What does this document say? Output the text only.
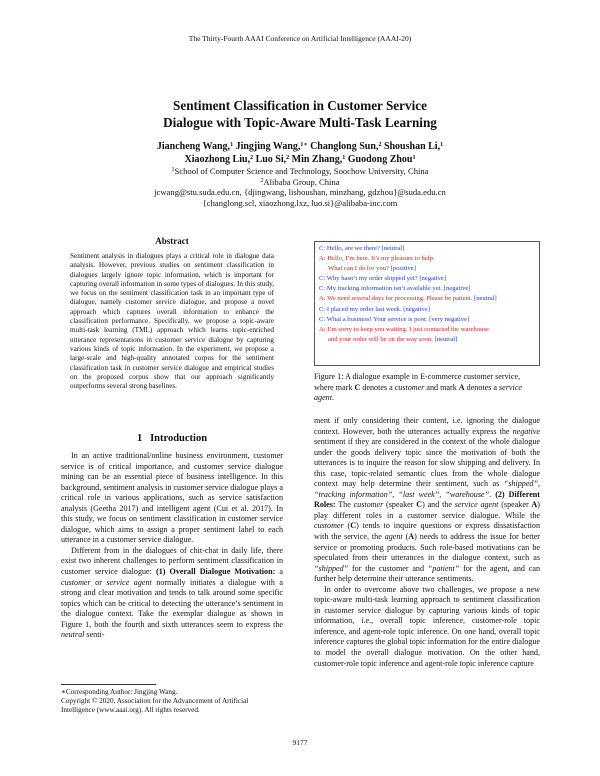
The Thirty-Fourth AAAI Conference on Artificial Intelligence (AAAI-20)
Sentiment Classification in Customer Service
Dialogue with Topic-Aware Multi-Task Learning
Jiancheng Wang,$^1$ Jingjing Wang,$^{1∗}$ Changlong Sun,$^2$ Shoushan Li,$^1$
Xiaozhong Liu,$^2$ Luo Si,$^2$ Min Zhang,$^1$ Guodong Zhou$^1$
$^1$School of Computer Science and Technology, Soochow University, China
$^2$Alibaba Group, China
jcwang@stu.suda.edu.cn, {djingwang, lishoushan, minzhang, gdzhou}@suda.edu.cn
{changlong.scl, xiaozhong.lxz, luo.si}@alibaba-inc.com
Abstract
Sentiment analysis in dialogues plays a critical role in dialogue data analysis. However, previous studies on sentiment classification in dialogues largely ignore topic information, which is important for capturing overall information in some types of dialogues. In this study, we focus on the sentiment classification task in an important type of dialogue, namely customer service dialogue, and propose a novel approach which captures overall information to enhance the classification performance. Specifically, we propose a topic-aware multi-task learning (TML) approach which learns topic-enriched utterance representations in customer service dialogue by capturing various kinds of topic information. In the experiment, we propose a large-scale and high-quality annotated corpus for the sentiment classification task in customer service dialogue and empirical studies on the proposed corpus show that our approach significantly outperforms several strong baselines.
1 Introduction

In an active traditional/online business environment, customer service is of critical importance, and customer service dialogue mining can be an essential piece of business intelligence. In this background, sentiment analysis in customer service dialogue plays a critical role in various applications, such as service satisfaction analysis (Geetha 2017) and intelligent agent (Cui et al. 2017). In this study, we focus on sentiment classification in customer service dialogue, which aims to assign a proper sentiment label to each utterance in a customer service dialogue.

Different from in the dialogues of chit-chat in daily life, there exist two inherent challenges to perform sentiment classification in customer service dialogue: (1) Overall Dialogue Motivation: a customer or service agent normally initiates a dialogue with a strong and clear motivation and tends to talk around some specific topics which can be critical to detecting the utterance’s sentiment in the dialogue context. Take the exemplar dialogue as shown in Figure 1, both the fourth and sixth utterances seem to express the neutral senti-

∗Corresponding Author: Jingjing Wang.

Copyright © 2020, Association for the Advancement of Artificial

Intelligence (www.aaai.org). All rights reserved.

C: Hello, are we there? [neutral]
A: Hello, I’m here. It’s my pleasure to help.
What can I do for you? [positive]
C: Why hasn’t my order shipped yet? [negative]
C: My tracking information isn’t available yet. [negative]
A: We need several days for processing. Please be patient. [neutral]
C: I placed my order last week. [negative]
C: What a business! Your service is poor. [very negative]
A: I’m sorry to keep you waiting. I just contacted the warehouse
and your order will be on the way soon. [neutral]
Figure 1: A dialogue example in E-commerce customer service, where mark C denotes a customer and mark A denotes a service agent.

ment if only considering their content, i.e. ignoring the dialogue context. However, both the utterances actually express the negative sentiment if they are considered in the context of the whole dialogue under the goods delivery topic since the motivation of both the utterances is to inquire the reason for slow shipping and delivery. In this case, topic-related semantic clues from the whole dialogue context may help determine their sentiment, such as “shipped”, “tracking information”, “last week”, “warehouse”. (2) Different Roles: The customer (speaker C) and the service agent (speaker A) play different roles in a customer service dialogue. While the customer (C) tends to inquire questions or express dissatisfaction with the service, the agent (A) needs to address the issue for better service or promoting products. Such role-based motivations can be speculated from their utterances in the dialogue context, such as “shipped” for the customer and “patient” for the agent, and can further help determine their utterance sentiments.

In order to overcome above two challenges, we propose a new topic-aware multi-task learning approach to sentiment classification in customer service dialogue by capturing various kinds of topic information, i.e., overall topic inference, customer-role topic inference, and agent-role topic inference. On one hand, overall topic inference captures the global topic information for the entire dialogue to model the overall dialogue motivation. On the other hand, customer-role topic inference and agent-role topic inference capture

9177
